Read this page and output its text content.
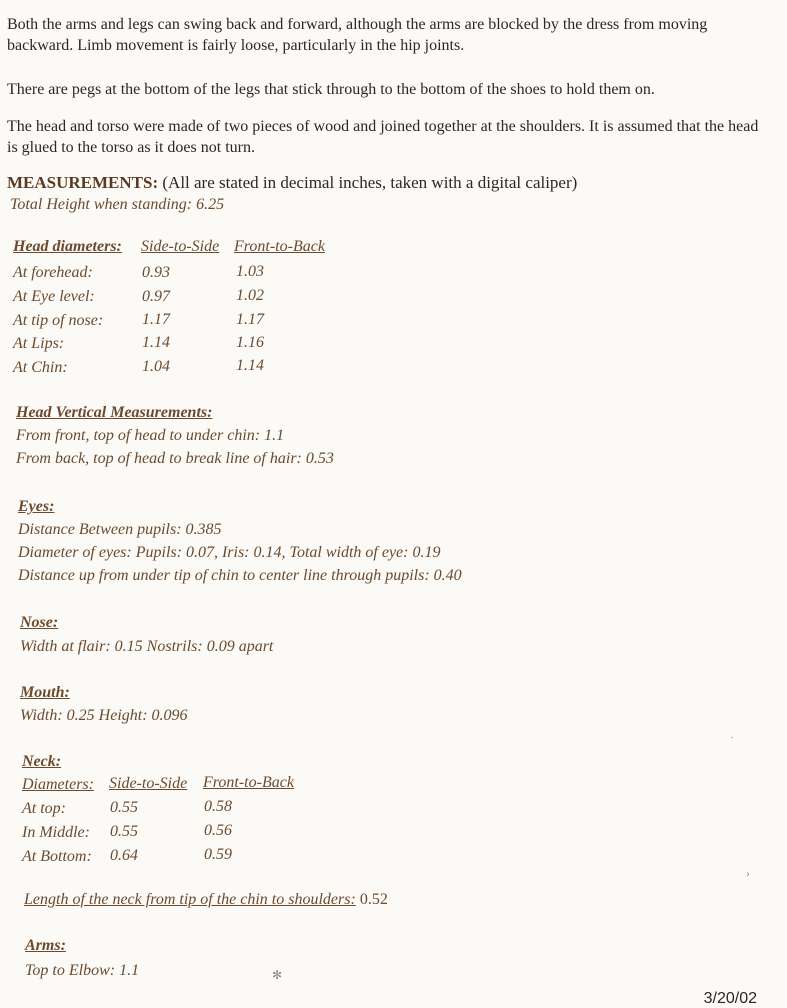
Both the arms and legs can swing back and forward, although the arms are blocked by the dress from moving backward. Limb movement is fairly loose, particularly in the hip joints.
There are pegs at the bottom of the legs that stick through to the bottom of the shoes to hold them on.
The head and torso were made of two pieces of wood and joined together at the shoulders. It is assumed that the head is glued to the torso as it does not turn.
MEASUREMENTS: (All are stated in decimal inches, taken with a digital caliper)
Total Height when standing: 6.25
Head diameters: Side-to-Side Front-to-Back
At forehead:	0.93	1.03
At Eye level:	0.97	1.02
At tip of nose: 1.17	1.17
At Lips:	1.14	1.16
At Chin:	1.04	1.14
Head Vertical Measurements:
From front, top of head to under chin: 1.1
From back, top of head to break line of hair: 0.53
Eyes:
Distance Between pupils: 0.385
Diameter of eyes: Pupils: 0.07, Iris: 0.14, Total width of eye: 0.19
Distance up from under tip of chin to center line through pupils: 0.40
Nose:
Width at flair: 0.15 Nostrils: 0.09 apart
Mouth:
Width: 0.25 Height: 0.096
Neck:
Diameters: Side-to-Side Front-to-Back
At top:	0.55	0.58
In Middle: 0.55	0.56
At Bottom: 0.64	0.59
Length of the neck from tip of the chin to shoulders: 0.52
Arms:
Top to Elbow: 1.1	✻
›
·
3/20/02
